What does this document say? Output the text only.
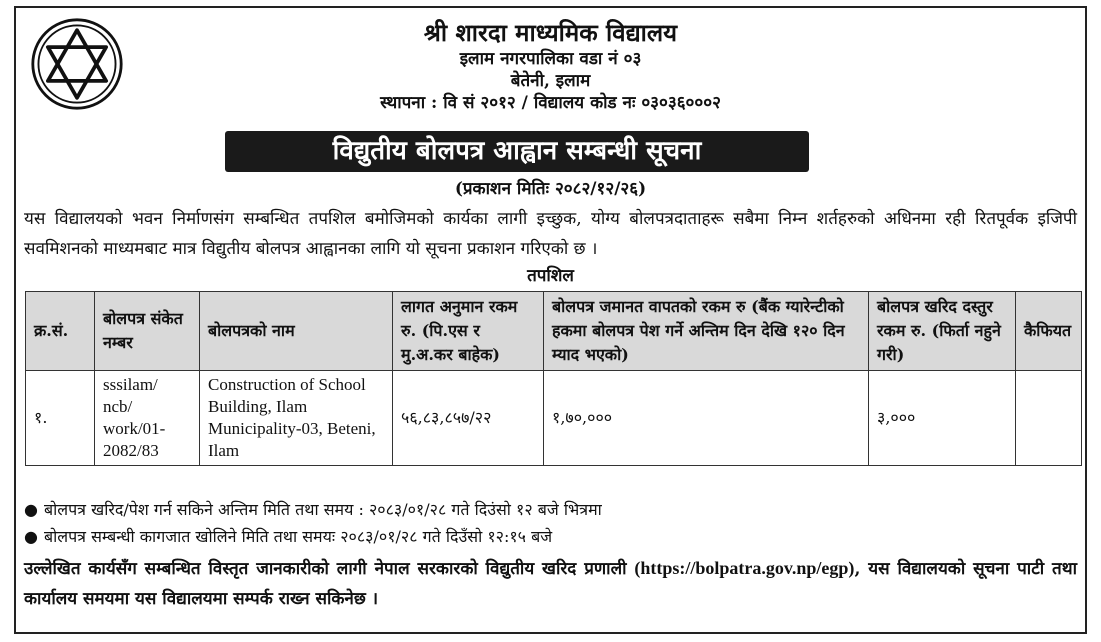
श्री शारदा माध्यमिक विद्यालय
इलाम नगरपालिका वडा नं ०३
बेतेनी, इलाम
स्थापना : वि सं २०१२ / विद्यालय कोड नः ०३०३६०००२
विद्युतीय बोलपत्र आह्वान सम्बन्धी सूचना
(प्रकाशन मितिः २०८२/१२/२६)
यस विद्यालयको भवन निर्माणसंग सम्बन्धित तपशिल बमोजिमको कार्यका लागी इच्छुक, योग्य बोलपत्रदाताहरू सबैमा निम्न शर्तहरुको अधिनमा रही रितपूर्वक इजिपी सवमिशनको माध्यमबाट मात्र विद्युतीय बोलपत्र आह्वानका लागि यो सूचना प्रकाशन गरिएको छ ।
तपशिल
क्र.सं.	बोलपत्र संकेत नम्बर	बोलपत्रको नाम	लागत अनुमान रकम रु. (पि.एस र मु.अ.कर बाहेक)	बोलपत्र जमानत वापतको रकम रु (बैंक ग्यारेन्टीको हकमा बोलपत्र पेश गर्ने अन्तिम दिन देखि १२० दिन म्याद भएको)	बोलपत्र खरिद दस्तुर रकम रु. (फिर्ता नहुने गरी)	कैफियत
१.	sssilam/ ncb/ work/01- 2082/83	Construction of School Building, Ilam Municipality-03, Beteni, Ilam	५६,८३,८५७/२२	१,७०,०००	३,०००	
● बोलपत्र खरिद/पेश गर्न सकिने अन्तिम मिति तथा समय : २०८३/०१/२८ गते दिउंसो १२ बजे भित्रमा
● बोलपत्र सम्बन्धी कागजात खोलिने मिति तथा समयः २०८३/०१/२८ गते दिउँसो १२:१५ बजे
उल्लेखित कार्यसँग सम्बन्धित विस्तृत जानकारीको लागी नेपाल सरकारको विद्युतीय खरिद प्रणाली (https://bolpatra.gov.np/egp), यस विद्यालयको सूचना पाटी तथा कार्यालय समयमा यस विद्यालयमा सम्पर्क राख्न सकिनेछ ।
